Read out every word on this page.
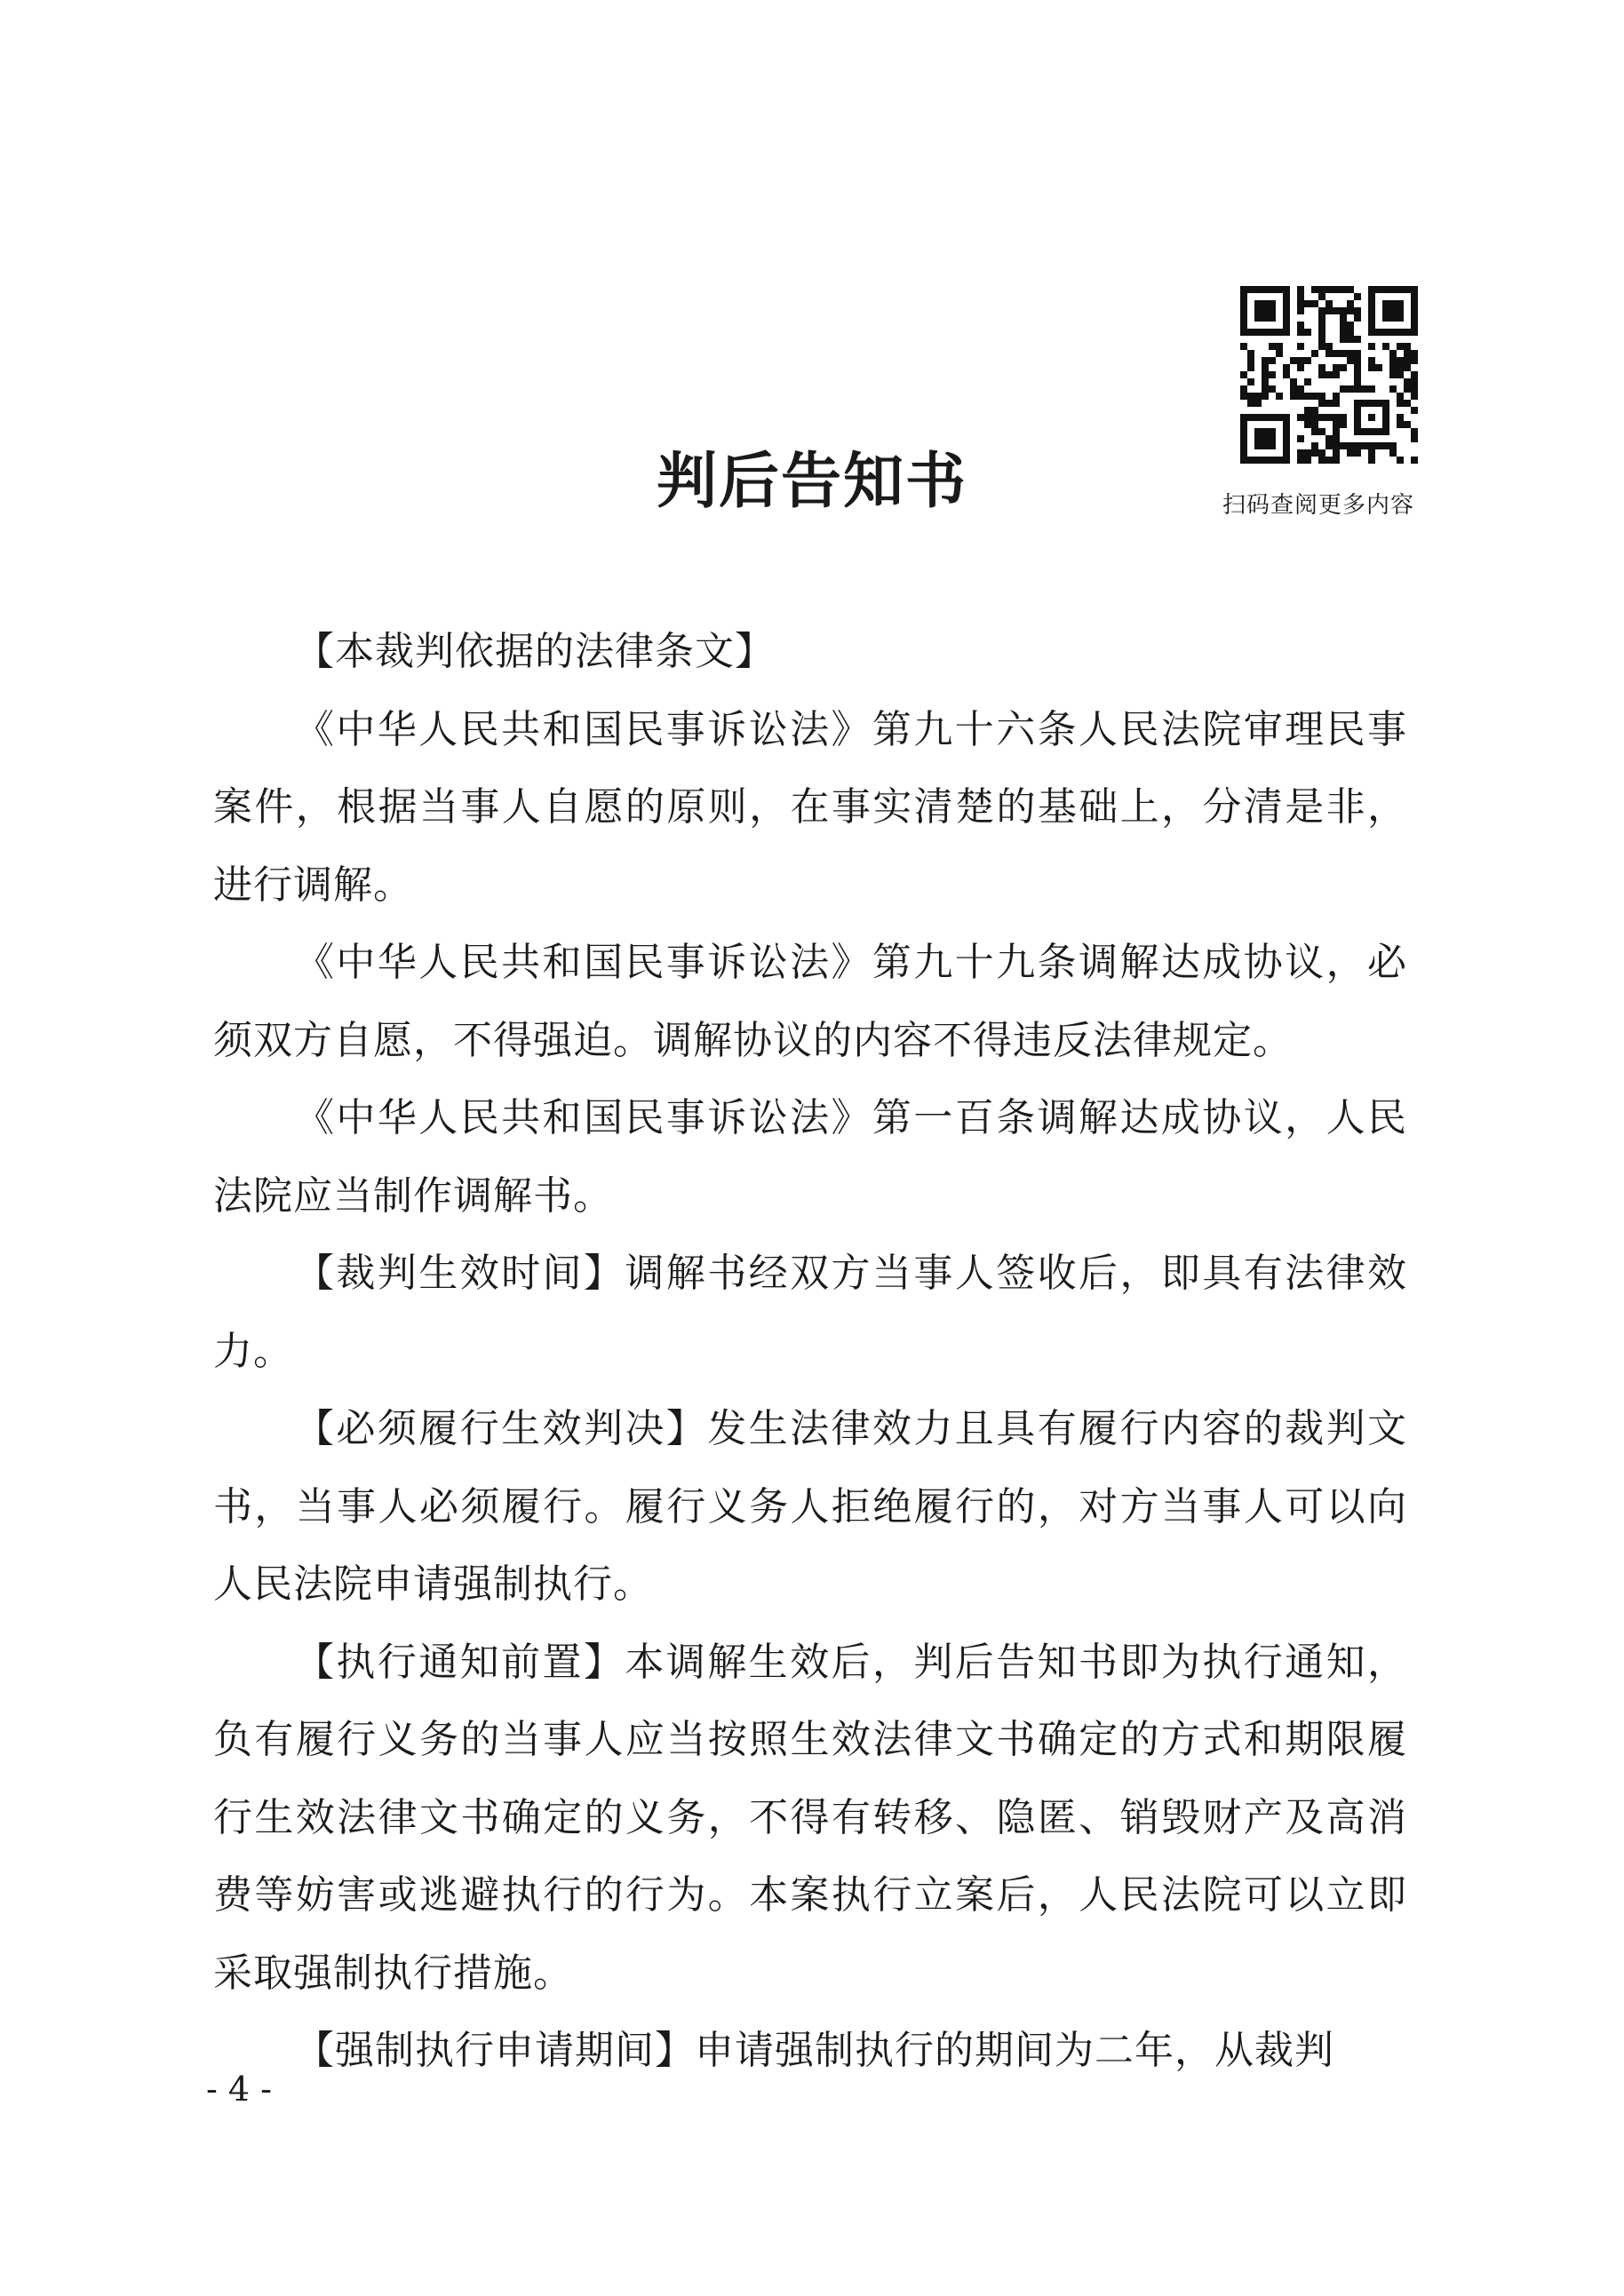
扫码查阅更多内容
判后告知书

【本裁判依据的法律条文】

《中华人民共和国民事诉讼法》第九十六条人民法院审理民事案件，根据当事人自愿的原则，在事实清楚的基础上，分清是非，进行调解。

《中华人民共和国民事诉讼法》第九十九条调解达成协议，必须双方自愿，不得强迫。调解协议的内容不得违反法律规定。

《中华人民共和国民事诉讼法》第一百条调解达成协议，人民法院应当制作调解书。

【裁判生效时间】调解书经双方当事人签收后，即具有法律效力。

【必须履行生效判决】发生法律效力且具有履行内容的裁判文书，当事人必须履行。履行义务人拒绝履行的，对方当事人可以向人民法院申请强制执行。

【执行通知前置】本调解生效后，判后告知书即为执行通知，负有履行义务的当事人应当按照生效法律文书确定的方式和期限履行生效法律文书确定的义务，不得有转移、隐匿、销毁财产及高消费等妨害或逃避执行的行为。本案执行立案后，人民法院可以立即采取强制执行措施。

【强制执行申请期间】申请强制执行的期间为二年，从裁判

- 4 -
